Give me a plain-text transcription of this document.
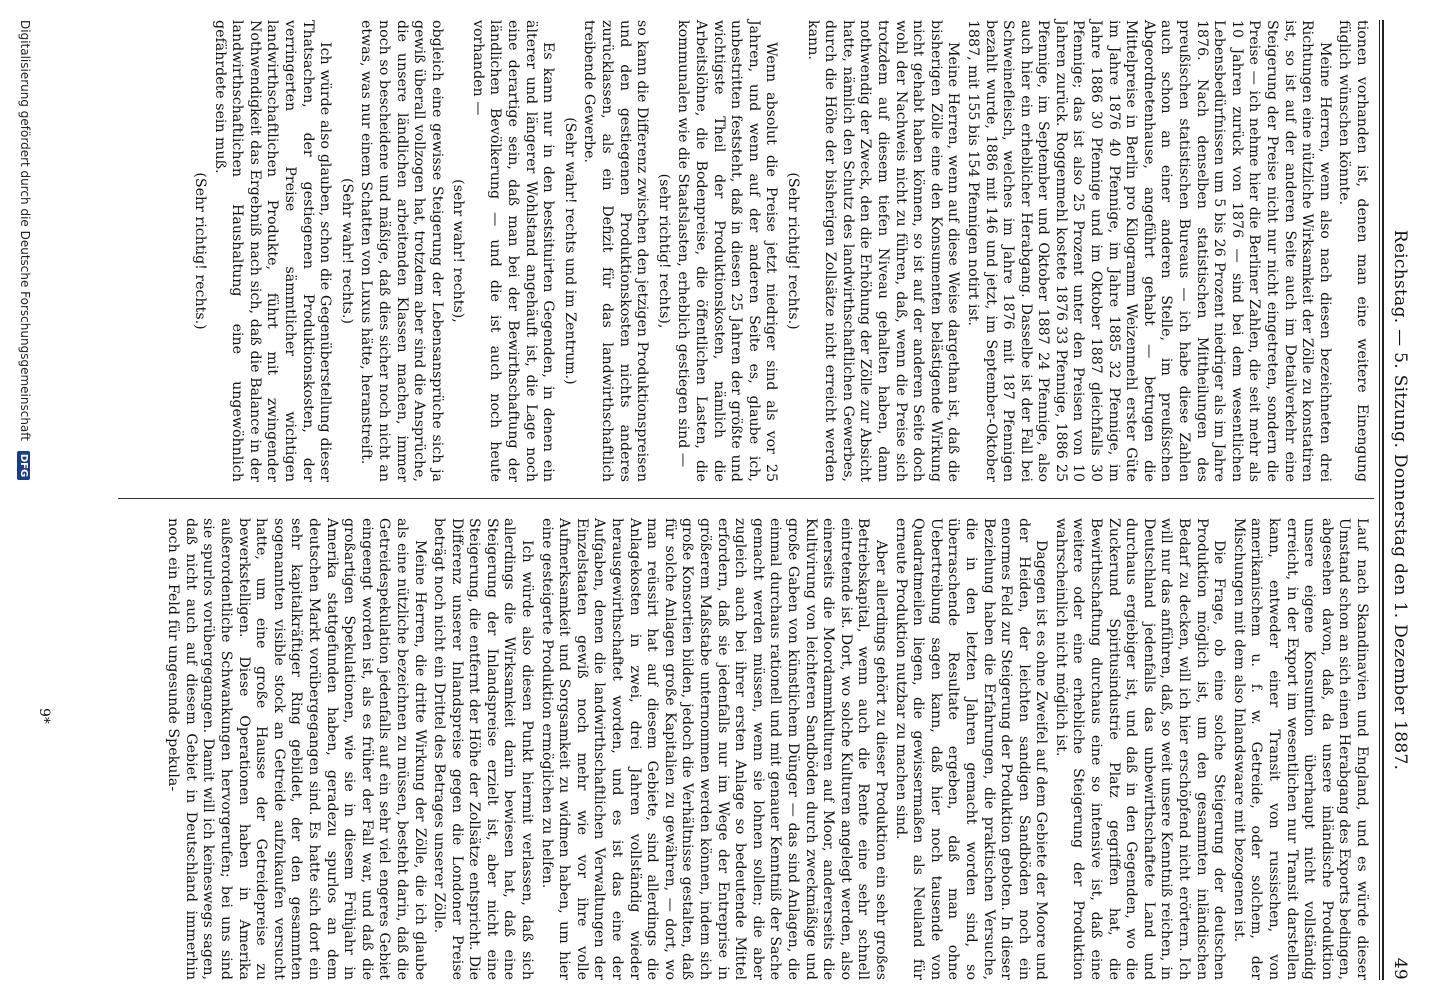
Reichstag. — 5. Sitzung. Donnerstag den 1. Dezember 1887.
49

tionen vorhanden ist, denen man eine weitere Einengung füglich wünschen könnte.

Meine Herren, wenn also nach diesen bezeichneten drei Richtungen eine nützliche Wirksamkeit der Zölle zu konstatiren ist, so ist auf der anderen Seite auch im Detailverkehr eine Steigerung der Preise nicht nur nicht eingetreten, sondern die Preise — ich nehme hier die Berliner Zahlen, die seit mehr als 10 Jahren zurück von 1876 — sind bei dem wesentlichen Lebensbedürfnissen um 5 bis 26 Prozent niedriger als im Jahre 1876. Nach denselben statistischen Mittheilungen des preußischen statistischen Bureaus — ich habe diese Zahlen auch schon an einer anderen Stelle, im preußischen Abgeordnetenhause, angeführt gehabt — betrugen die Mittelpreise in Berlin pro Kilogramm Weizenmehl erster Güte im Jahre 1876 40 Pfennige, im Jahre 1885 32 Pfennige, im Jahre 1886 30 Pfennige und im Oktober 1887 gleichfalls 30 Pfennige; das ist also 25 Prozent unter den Preisen von 10 Jahren zurück. Roggenmehl kostete 1876 33 Pfennige, 1886 25 Pfennige, im September und Oktober 1887 24 Pfennige, also auch hier ein erheblicher Herabgang. Dasselbe ist der Fall bei Schweinefleisch, welches im Jahre 1876 mit 187 Pfennigen bezahlt wurde, 1886 mit 146 und jetzt, im September-Oktober 1887, mit 155 bis 154 Pfennigen notirt ist.

Meine Herren, wenn auf diese Weise dargethan ist, daß die bisherigen Zölle eine den Konsumenten belästigende Wirkung nicht gehabt haben können, so ist auf der anderen Seite doch wohl der Nachweis nicht zu führen, daß, wenn die Preise sich trotzdem auf diesem tiefen Niveau gehalten haben, dann nothwendig der Zweck, den die Erhöhung der Zölle zur Absicht hatte, nämlich den Schutz des landwirthschaftlichen Gewerbes, durch die Höhe der bisherigen Zollsätze nicht erreicht werden kann.

(Sehr richtig! rechts.)

Wenn absolut die Preise jetzt niedriger sind als vor 25 Jahren, und wenn auf der anderen Seite es, glaube ich, unbestritten feststeht, daß in diesen 25 Jahren der größte und wichtigste Theil der Produktionskosten, nämlich die Arbeitslöhne, die Bodenpreise, die öffentlichen Lasten, die kommunalen wie die Staatslasten, erheblich gestiegen sind —

(sehr richtig! rechts),

so kann die Differenz zwischen den jetzigen Produktionspreisen und den gestiegenen Produktionskosten nichts anderes zurücklassen, als ein Defizit für das landwirthschaftlich treibende Gewerbe.

(Sehr wahr! rechts und im Zentrum.)

Es kann nur in den bestsituirten Gegenden, in denen ein älterer und längerer Wohlstand angehäuft ist, die Lage noch eine derartige sein, daß man bei der Bewirthschaftung der ländlichen Bevölkerung — und die ist auch noch heute vorhanden —

(sehr wahr! rechts),

obgleich eine gewisse Steigerung der Lebensansprüche sich ja gewiß überall vollzogen hat, trotzdem aber sind die Ansprüche, die unsere ländlichen arbeitenden Klassen machen, immer noch so bescheidene und mäßige, daß dies sicher noch nicht an etwas, was nur einem Schatten von Luxus hätte, heranstreift.

(Sehr wahr! rechts.)

Ich würde also glauben, schon die Gegenüberstellung dieser Thatsachen, der gestiegenen Produktionskosten, der verringerten Preise sämmtlicher wichtigen landwirthschaftlichen Produkte, führt mit zwingender Nothwendigkeit das Ergebniß nach sich, daß die Balance in der landwirthschaftlichen Haushaltung eine ungewöhnlich gefährdete sein muß.

(Sehr richtig! rechts.)

Lauf nach Skandinavien und England, und es würde dieser Umstand schon an sich einen Herabgang des Exports bedingen, abgesehen davon, daß, da unsere inländische Produktion unsere eigene Konsumtion überhaupt nicht vollständig erreicht, in der Export im wesentlichen nur Transit darstellen kann, entweder einer Transit von russischen, von amerikanischem u. f. w. Getreide, oder solchem, der Mischungen mit dem also Inlandswaare mit bezogenen ist.

Die Frage, ob eine solche Steigerung der deutschen Produktion möglich ist, um den gesammten inländischen Bedarf zu decken, will ich hier erschöpfend nicht erörtern. Ich will nur das anführen, daß, so weit unsere Kenntniß reichen, in Deutschland jedenfalls das unbewirthschaftete Land und durchaus ergiebiger ist, und daß in den Gegenden, wo die Zuckerund Spiritusindustrie Platz gegriffen hat, die Bewirthschaftung durchaus eine so intensive ist, daß eine weitere oder eine erhebliche Steigerung der Produktion wahrscheinlich nicht möglich ist.

Dagegen ist es ohne Zweifel auf dem Gebiete der Moore und der Heiden, der leichten sandigen Sandböden noch ein enormes Feld zur Steigerung der Produktion geboten. In dieser Beziehung haben die Erfahrungen, die praktischen Versuche, die in den letzten Jahren gemacht worden sind, so überraschende Resultate ergeben, daß man ohne Uebertreibung sagen kann, daß hier noch tausende von Quadratmeilen liegen, die gewissermaßen als Neuland für erneute Produktion nutzbar zu machen sind.

Aber allerdings gehört zu dieser Produktion ein sehr großes Betriebskapital, wenn auch die Rente eine sehr schnell eintretende ist. Dort, wo solche Kulturen angelegt werden, also einerseits die Moordammkulturen auf Moor, andererseits die Kultivirung von leichteren Sandböden durch zweckmäßige und große Gaben von künstlichem Dünger — das sind Anlagen, die einmal durchaus rationell und mit genauer Kenntniß der Sache gemacht werden müssen, wenn sie lohnen sollen; die aber zugleich auch bei ihrer ersten Anlage so bedeutende Mittel erfordern, daß sie jedenfalls nur im Wege der Entreprise in größerem Maßstabe unternommen werden können, indem sich große Konsortien bilden, jedoch die Verhältnisse gestalten, daß für solche Anlagen große Kapitalien zu gewähren, — dort, wo man reüssirt hat auf diesem Gebiete, sind allerdings die Anlagekosten in zwei, drei Jahren vollständig wieder herausgewirthschaftet worden, und es ist das eine der Aufgaben, denen die landwirthschaftlichen Verwaltungen der Einzelstaaten gewiß noch mehr wie vor ihre volle Aufmerksamkeit und Sorgsamkeit zu widmen haben, um hier eine gesteigerte Produktion ermöglichen zu helfen.

Ich würde also diesen Punkt hiermit verlassen, daß sich allerdings die Wirksamkeit darin bewiesen hat, daß eine Steigerung der Inlandspreise erzielt ist, aber nicht eine Steigerung, die entfernt der Höhe der Zollsätze entspricht. Die Differenz unserer Inlandspreise gegen die Londoner Preise beträgt noch nicht ein Drittel des Betrages unserer Zölle.

Meine Herren, die dritte Wirkung der Zölle, die ich glaube als eine nützliche bezeichnen zu müssen, besteht darin, daß die Getreidespekulation jedenfalls auf ein sehr viel engeres Gebiet eingeengt worden ist, als es früher der Fall war, und daß die großartigen Spekulationen, wie sie in diesem Frühjahr in Amerika stattgefunden haben, geradezu spurlos an dem deutschen Markt vorübergegangen sind. Es hatte sich dort ein sehr kapitalkräftiger Ring gebildet, der den gesammten sogenannten visible stock an Getreide aufzukaufen versucht hatte, um eine große Hausse der Getreidepreise zu bewerkstelligen. Diese Operationen haben in Amerika außerordentliche Schwankungen hervorgerufen; bei uns sind sie spurlos vorübergegangen. Damit will ich keineswegs sagen, daß nicht auch auf diesem Gebiet in Deutschland immerhin noch ein Feld für ungesunde Spekula-

9*
Digitalisierung gefördert durch die Deutsche Forschungsgemeinschaft DFG
